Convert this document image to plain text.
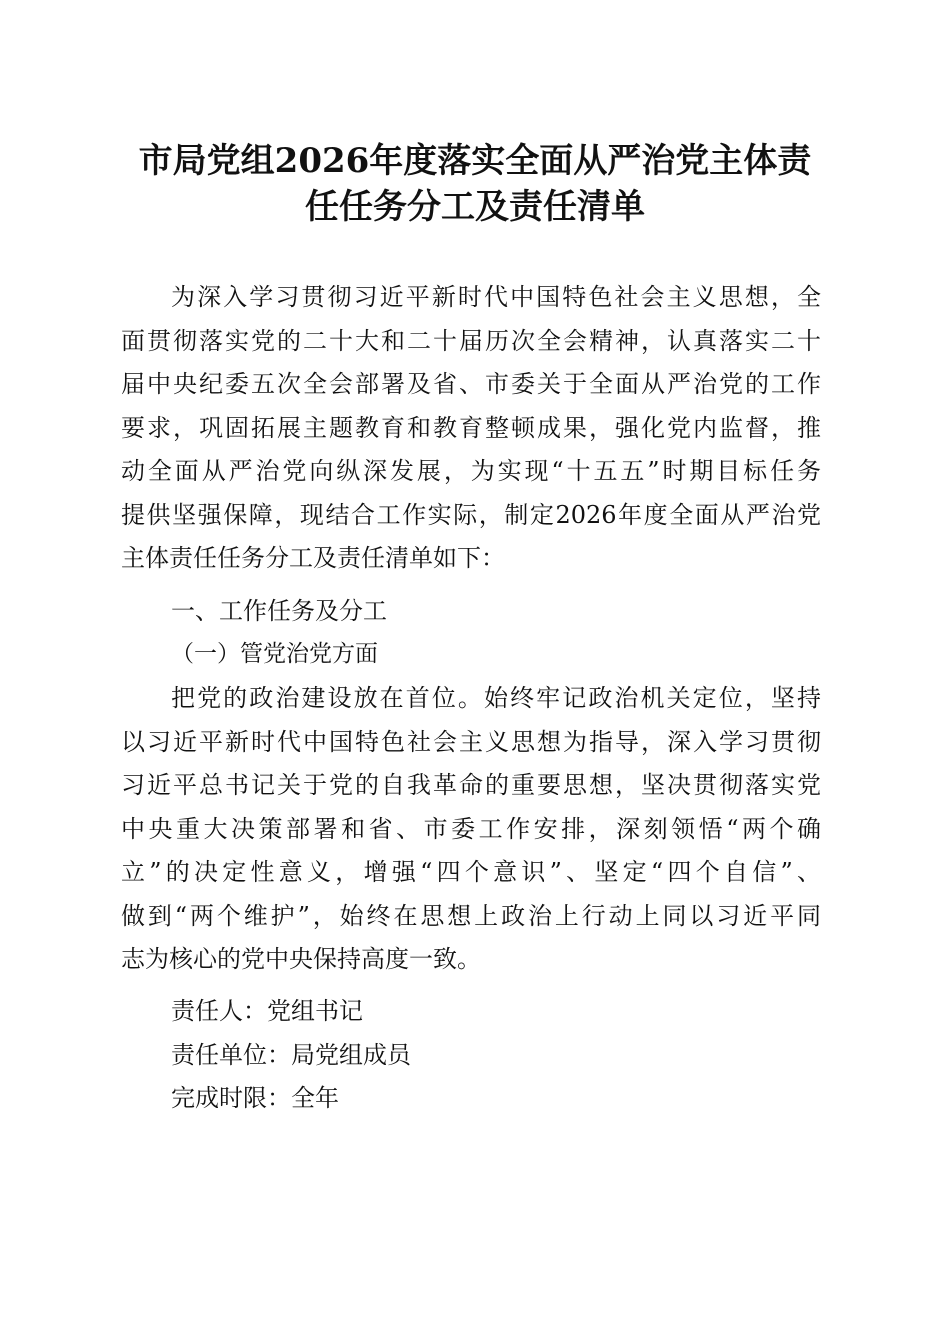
市局党组2026年度落实全面从严治党主体责
任任务分工及责任清单
为深入学习贯彻习近平新时代中国特色社会主义思想，全
面贯彻落实党的二十大和二十届历次全会精神，认真落实二十
届中央纪委五次全会部署及省、市委关于全面从严治党的工作
要求，巩固拓展主题教育和教育整顿成果，强化党内监督，推
动全面从严治党向纵深发展，为实现“十五五”时期目标任务
提供坚强保障，现结合工作实际，制定2026年度全面从严治党
主体责任任务分工及责任清单如下：
一、工作任务及分工
（一）管党治党方面
把党的政治建设放在首位。始终牢记政治机关定位，坚持
以习近平新时代中国特色社会主义思想为指导，深入学习贯彻
习近平总书记关于党的自我革命的重要思想，坚决贯彻落实党
中央重大决策部署和省、市委工作安排，深刻领悟“两个确
立”的决定性意义，增强“四个意识”、坚定“四个自信”、
做到“两个维护”，始终在思想上政治上行动上同以习近平同
志为核心的党中央保持高度一致。
责任人：党组书记
责任单位：局党组成员
完成时限：全年
